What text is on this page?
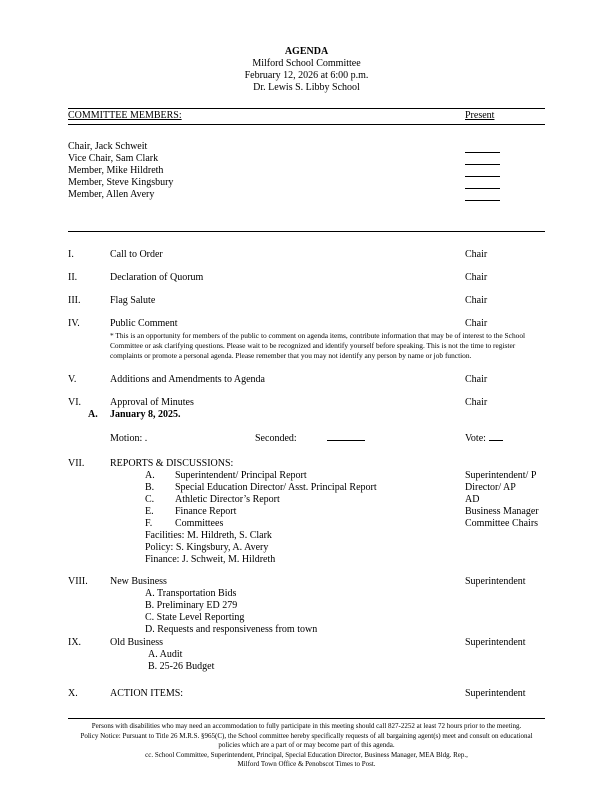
AGENDA
Milford School Committee
February 12, 2026 at 6:00 p.m.
Dr. Lewis S. Libby School
COMMITTEE MEMBERS:	Present
Chair, Jack Schweit
Vice Chair, Sam Clark
Member, Mike Hildreth
Member, Steve Kingsbury
Member, Allen Avery
I.	Call to Order	Chair
II.	Declaration of Quorum	Chair
III.	Flag Salute	Chair
IV.	Public Comment	Chair
* This is an opportunity for members of the public to comment on agenda items, contribute information that may be of interest to the School Committee or ask clarifying questions. Please wait to be recognized and identify yourself before speaking. This is not the time to register complaints or promote a personal agenda. Please remember that you may not identify any person by name or job function.
V.	Additions and Amendments to Agenda	Chair
VI.	Approval of Minutes	Chair
A. January 8, 2025.
Motion: .	Seconded:	Vote:
VII.	REPORTS & DISCUSSIONS:
A. Superintendent/ Principal Report	Superintendent/ P
B. Special Education Director/ Asst. Principal Report	Director/ AP
C. Athletic Director’s Report	AD
E. Finance Report	Business Manager
F. Committees	Committee Chairs
Facilities: M. Hildreth, S. Clark
Policy: S. Kingsbury, A. Avery
Finance: J. Schweit, M. Hildreth
VIII.	New Business	Superintendent
A. Transportation Bids
B. Preliminary ED 279
C. State Level Reporting
D. Requests and responsiveness from town
IX.	Old Business	Superintendent
A. Audit
B. 25-26 Budget
X.	ACTION ITEMS:	Superintendent
Persons with disabilities who may need an accommodation to fully participate in this meeting should call 827-2252 at least 72 hours prior to the meeting.
Policy Notice: Pursuant to Title 26 M.R.S. §965(C), the School committee hereby specifically requests of all bargaining agent(s) meet and consult on educational
policies which are a part of or may become part of this agenda.
cc. School Committee, Superintendent, Principal, Special Education Director, Business Manager, MEA Bldg. Rep.,
Milford Town Office & Penobscot Times to Post.
